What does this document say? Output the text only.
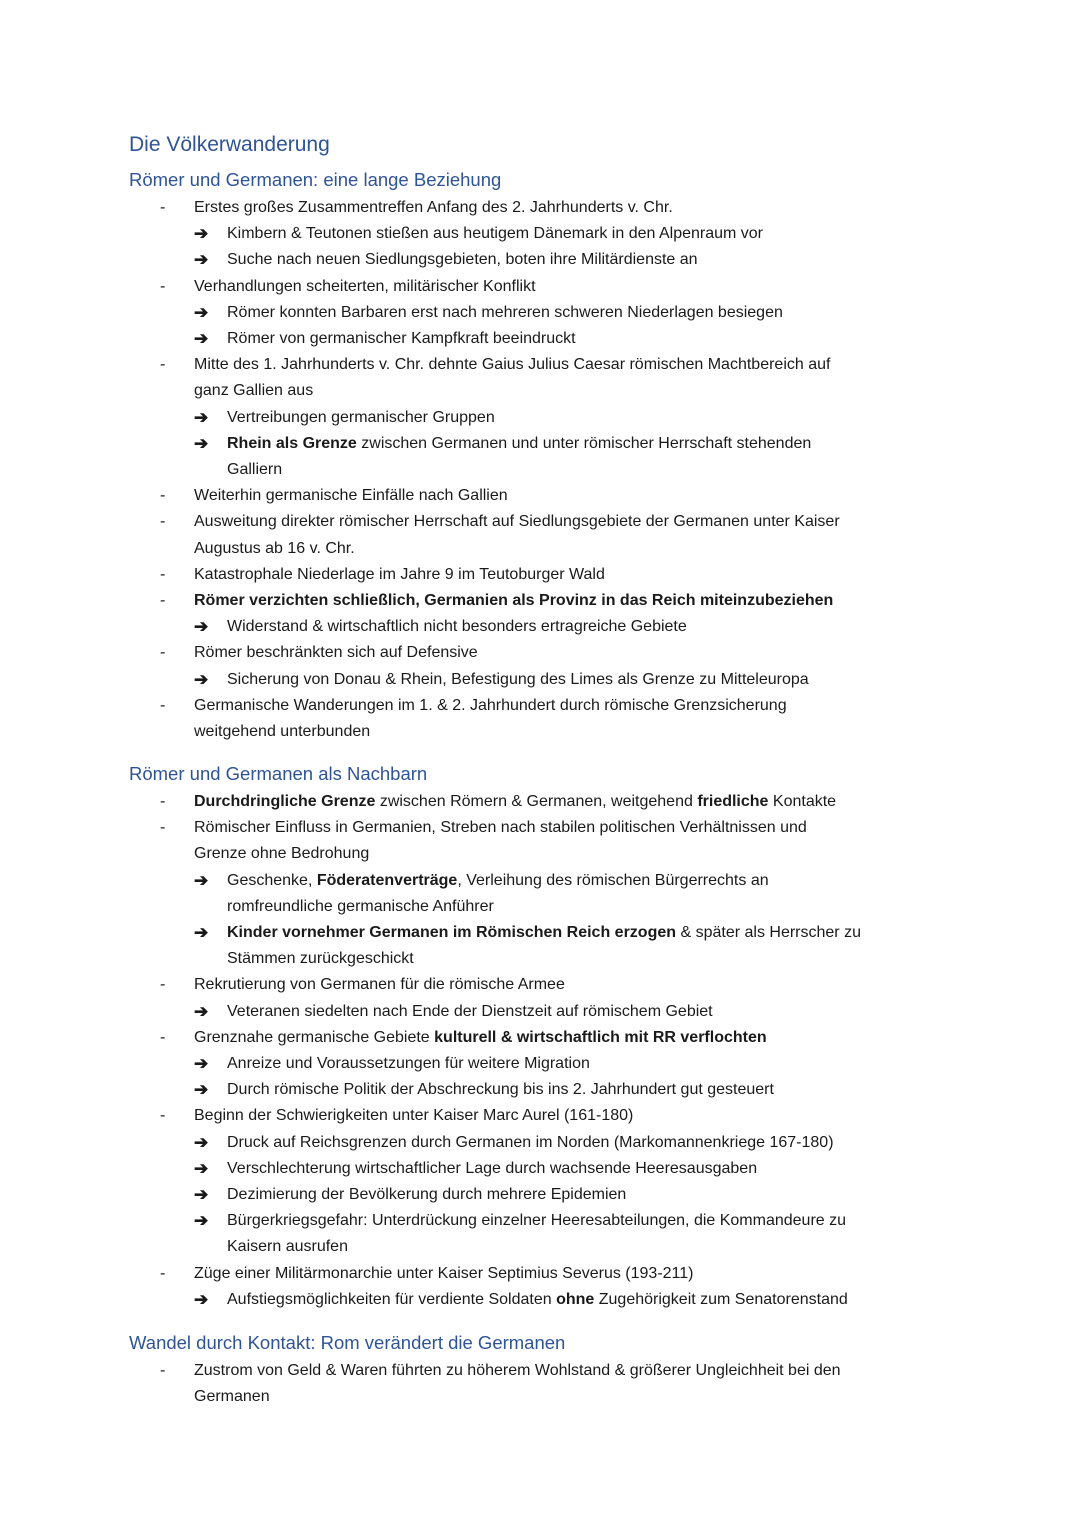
Die Völkerwanderung
Römer und Germanen: eine lange Beziehung
-	Erstes großes Zusammentreffen Anfang des 2. Jahrhunderts v. Chr.
➔	Kimbern & Teutonen stießen aus heutigem Dänemark in den Alpenraum vor
➔	Suche nach neuen Siedlungsgebieten, boten ihre Militärdienste an
-	Verhandlungen scheiterten, militärischer Konflikt
➔	Römer konnten Barbaren erst nach mehreren schweren Niederlagen besiegen
➔	Römer von germanischer Kampfkraft beeindruckt
-	Mitte des 1. Jahrhunderts v. Chr. dehnte Gaius Julius Caesar römischen Machtbereich auf
ganz Gallien aus
➔	Vertreibungen germanischer Gruppen
➔	Rhein als Grenze zwischen Germanen und unter römischer Herrschaft stehenden
Galliern
-	Weiterhin germanische Einfälle nach Gallien
-	Ausweitung direkter römischer Herrschaft auf Siedlungsgebiete der Germanen unter Kaiser
Augustus ab 16 v. Chr.
-	Katastrophale Niederlage im Jahre 9 im Teutoburger Wald
-	Römer verzichten schließlich, Germanien als Provinz in das Reich miteinzubeziehen
➔	Widerstand & wirtschaftlich nicht besonders ertragreiche Gebiete
-	Römer beschränkten sich auf Defensive
➔	Sicherung von Donau & Rhein, Befestigung des Limes als Grenze zu Mitteleuropa
-	Germanische Wanderungen im 1. & 2. Jahrhundert durch römische Grenzsicherung
weitgehend unterbunden
Römer und Germanen als Nachbarn
-	Durchdringliche Grenze zwischen Römern & Germanen, weitgehend friedliche Kontakte
-	Römischer Einfluss in Germanien, Streben nach stabilen politischen Verhältnissen und
Grenze ohne Bedrohung
➔	Geschenke, Föderatenverträge, Verleihung des römischen Bürgerrechts an
romfreundliche germanische Anführer
➔	Kinder vornehmer Germanen im Römischen Reich erzogen & später als Herrscher zu
Stämmen zurückgeschickt
-	Rekrutierung von Germanen für die römische Armee
➔	Veteranen siedelten nach Ende der Dienstzeit auf römischem Gebiet
-	Grenznahe germanische Gebiete kulturell & wirtschaftlich mit RR verflochten
➔	Anreize und Voraussetzungen für weitere Migration
➔	Durch römische Politik der Abschreckung bis ins 2. Jahrhundert gut gesteuert
-	Beginn der Schwierigkeiten unter Kaiser Marc Aurel (161-180)
➔	Druck auf Reichsgrenzen durch Germanen im Norden (Markomannenkriege 167-180)
➔	Verschlechterung wirtschaftlicher Lage durch wachsende Heeresausgaben
➔	Dezimierung der Bevölkerung durch mehrere Epidemien
➔	Bürgerkriegsgefahr: Unterdrückung einzelner Heeresabteilungen, die Kommandeure zu
Kaisern ausrufen
-	Züge einer Militärmonarchie unter Kaiser Septimius Severus (193-211)
➔	Aufstiegsmöglichkeiten für verdiente Soldaten ohne Zugehörigkeit zum Senatorenstand
Wandel durch Kontakt: Rom verändert die Germanen
-	Zustrom von Geld & Waren führten zu höherem Wohlstand & größerer Ungleichheit bei den
Germanen
